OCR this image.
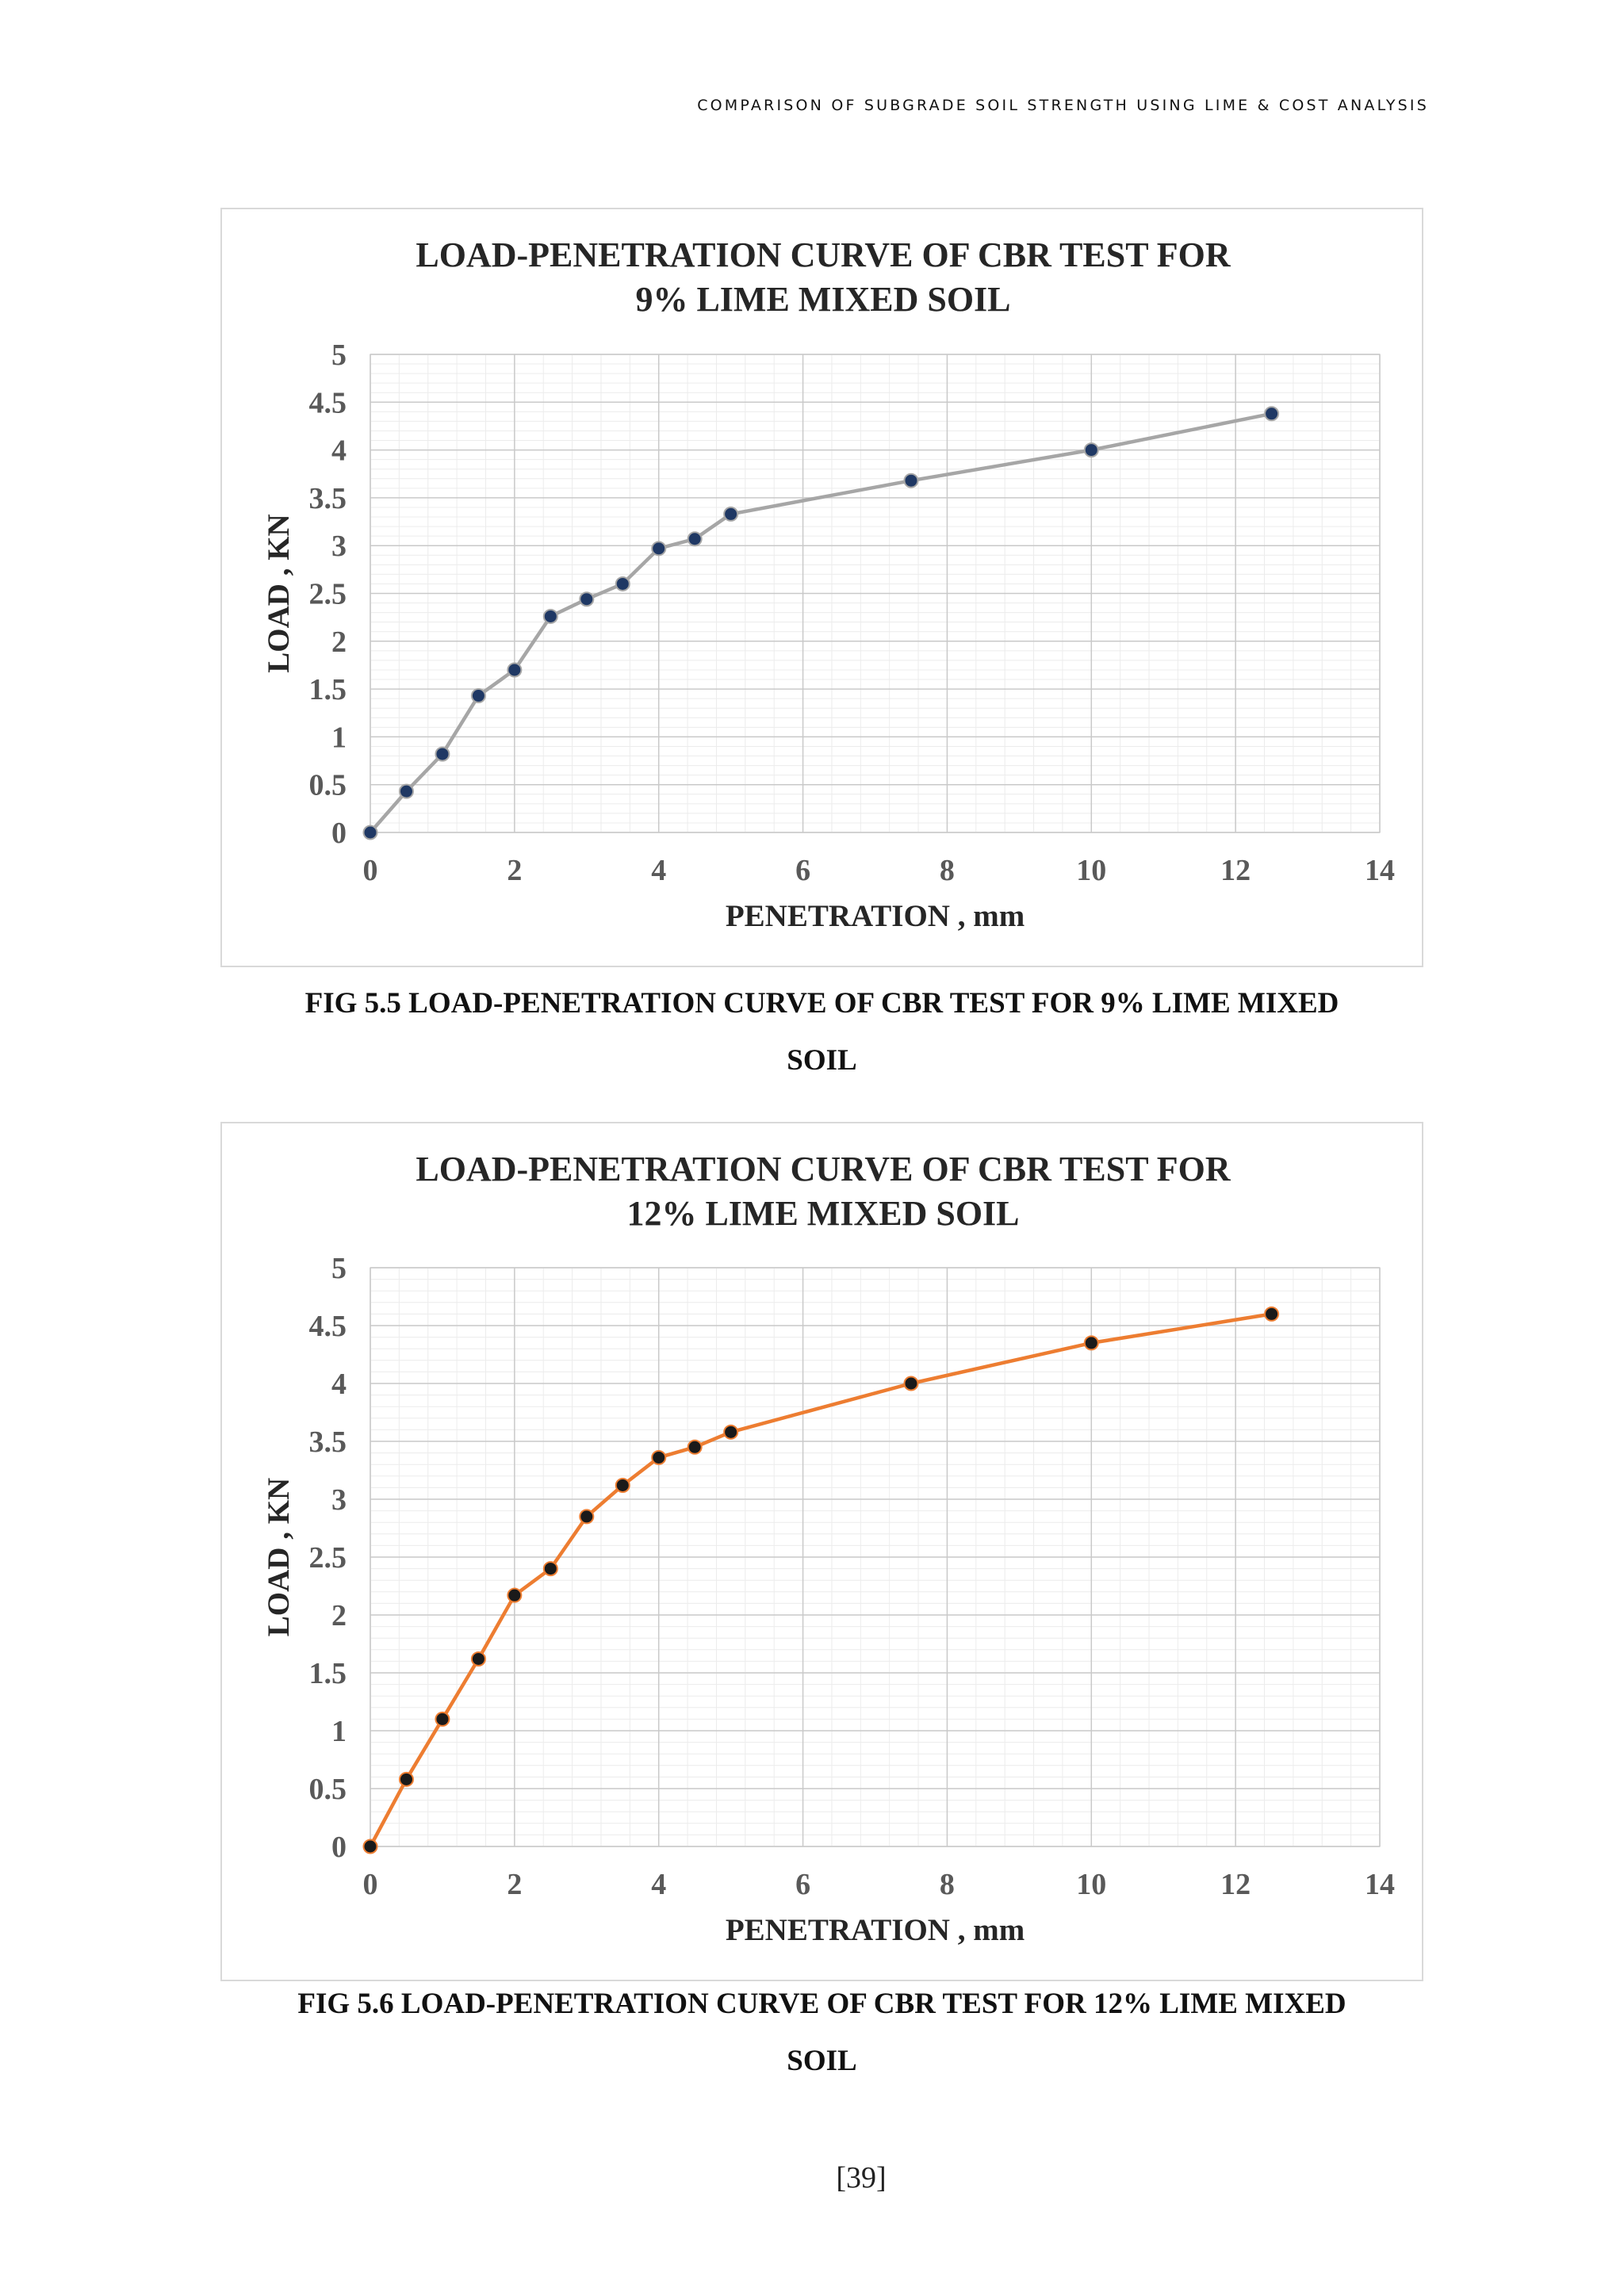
COMPARISON OF SUBGRADE SOIL STRENGTH USING LIME & COST ANALYSIS
LOAD-PENETRATION CURVE OF CBR TEST FOR
9% LIME MIXED SOIL
0	2	4	6	8	10	12	14
0
0.5
1
1.5
2
2.5
3
3.5
4
4.5
5
PENETRATION , mm
LOAD , KN
FIG 5.5 LOAD-PENETRATION CURVE OF CBR TEST FOR 9% LIME MIXED
SOIL
LOAD-PENETRATION CURVE OF CBR TEST FOR
12% LIME MIXED SOIL
0	2	4	6	8	10	12	14
0
0.5
1
1.5
2
2.5
3
3.5
4
4.5
5
PENETRATION , mm
LOAD , KN
FIG 5.6 LOAD-PENETRATION CURVE OF CBR TEST FOR 12% LIME MIXED
SOIL
[39]
